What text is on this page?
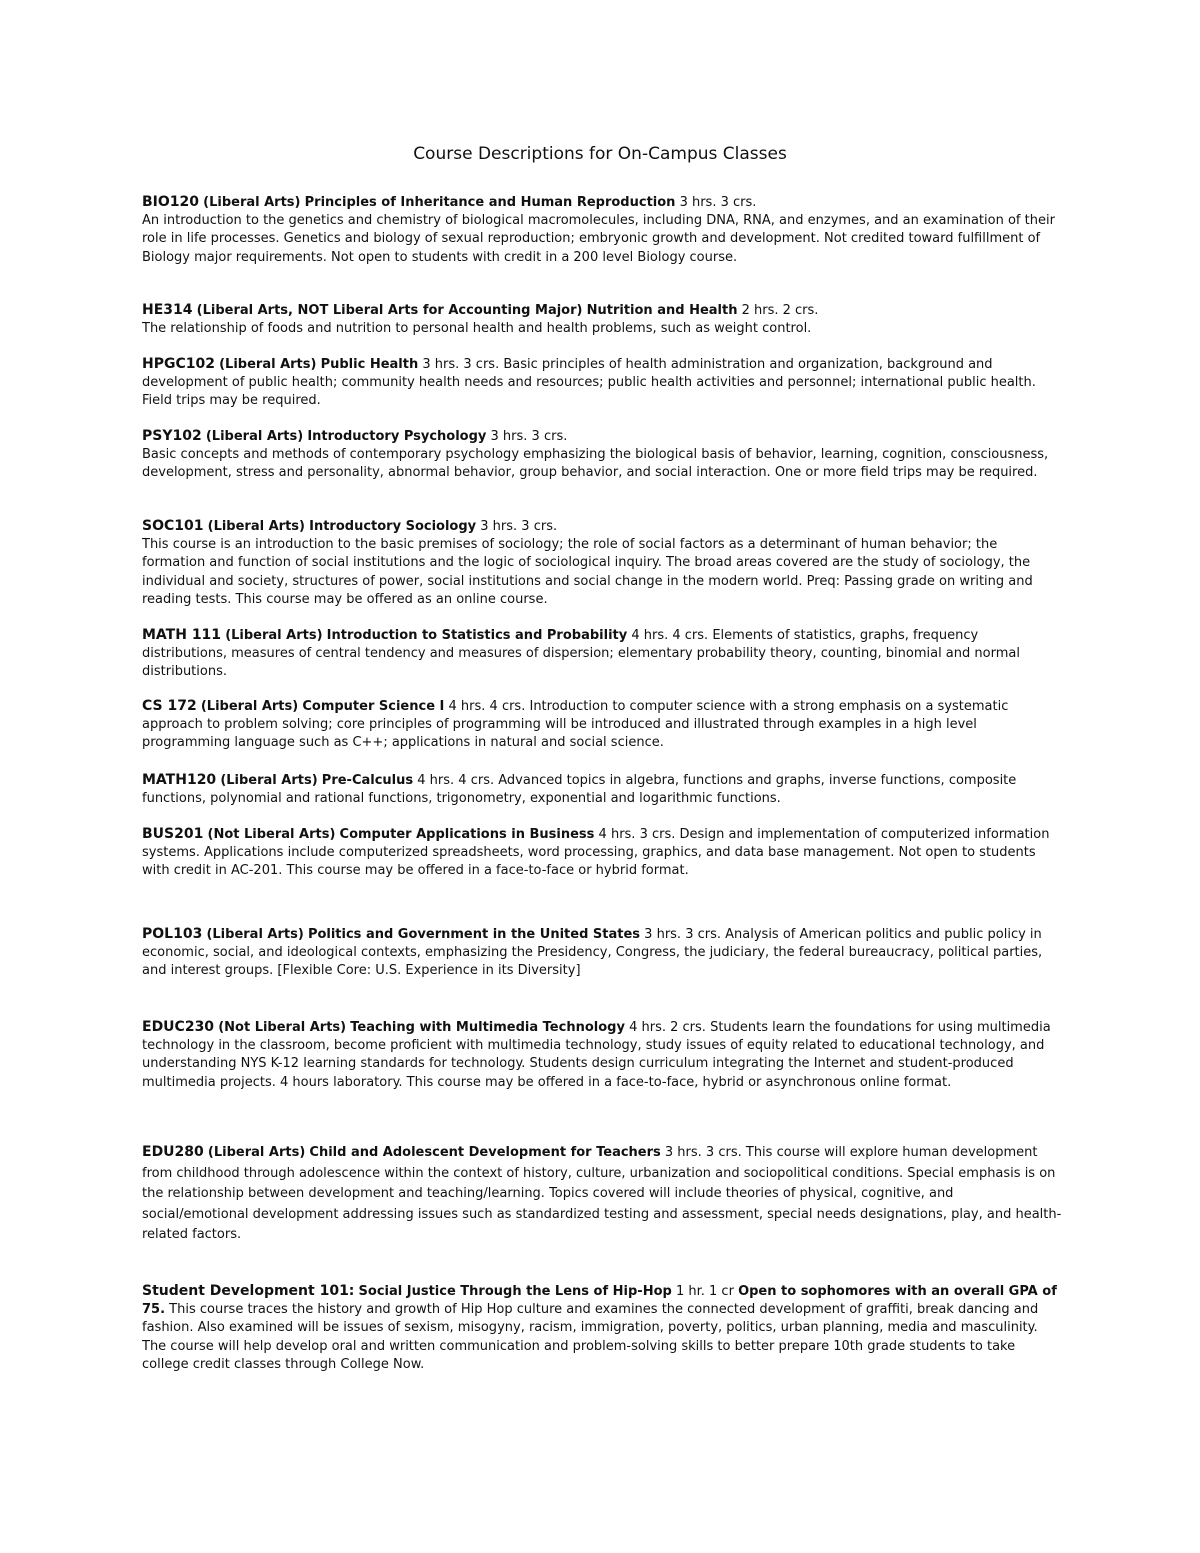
Course Descriptions for On-Campus Classes
BIO120 (Liberal Arts) Principles of Inheritance and Human Reproduction 3 hrs. 3 crs.
An introduction to the genetics and chemistry of biological macromolecules, including DNA, RNA, and enzymes, and an examination of their role in life processes. Genetics and biology of sexual reproduction; embryonic growth and development. Not credited toward fulfillment of Biology major requirements. Not open to students with credit in a 200 level Biology course.
HE314 (Liberal Arts, NOT Liberal Arts for Accounting Major) Nutrition and Health 2 hrs. 2 crs.
The relationship of foods and nutrition to personal health and health problems, such as weight control.
HPGC102 (Liberal Arts) Public Health 3 hrs. 3 crs. Basic principles of health administration and organization, background and development of public health; community health needs and resources; public health activities and personnel; international public health. Field trips may be required.
PSY102 (Liberal Arts) Introductory Psychology 3 hrs. 3 crs.
Basic concepts and methods of contemporary psychology emphasizing the biological basis of behavior, learning, cognition, consciousness, development, stress and personality, abnormal behavior, group behavior, and social interaction. One or more field trips may be required.
SOC101 (Liberal Arts) Introductory Sociology 3 hrs. 3 crs.
This course is an introduction to the basic premises of sociology; the role of social factors as a determinant of human behavior; the formation and function of social institutions and the logic of sociological inquiry. The broad areas covered are the study of sociology, the individual and society, structures of power, social institutions and social change in the modern world. Preq: Passing grade on writing and reading tests. This course may be offered as an online course.
MATH 111 (Liberal Arts) Introduction to Statistics and Probability 4 hrs. 4 crs. Elements of statistics, graphs, frequency distributions, measures of central tendency and measures of dispersion; elementary probability theory, counting, binomial and normal distributions.
CS 172 (Liberal Arts) Computer Science I 4 hrs. 4 crs. Introduction to computer science with a strong emphasis on a systematic approach to problem solving; core principles of programming will be introduced and illustrated through examples in a high level programming language such as C++; applications in natural and social science.
MATH120 (Liberal Arts) Pre-Calculus 4 hrs. 4 crs. Advanced topics in algebra, functions and graphs, inverse functions, composite functions, polynomial and rational functions, trigonometry, exponential and logarithmic functions.
BUS201 (Not Liberal Arts) Computer Applications in Business 4 hrs. 3 crs. Design and implementation of computerized information systems. Applications include computerized spreadsheets, word processing, graphics, and data base management. Not open to students with credit in AC-201. This course may be offered in a face-to-face or hybrid format.
POL103 (Liberal Arts) Politics and Government in the United States 3 hrs. 3 crs. Analysis of American politics and public policy in economic, social, and ideological contexts, emphasizing the Presidency, Congress, the judiciary, the federal bureaucracy, political parties, and interest groups. [Flexible Core: U.S. Experience in its Diversity]
EDUC230 (Not Liberal Arts) Teaching with Multimedia Technology 4 hrs. 2 crs. Students learn the foundations for using multimedia technology in the classroom, become proficient with multimedia technology, study issues of equity related to educational technology, and understanding NYS K-12 learning standards for technology. Students design curriculum integrating the Internet and student-produced multimedia projects. 4 hours laboratory. This course may be offered in a face-to-face, hybrid or asynchronous online format.
EDU280 (Liberal Arts) Child and Adolescent Development for Teachers 3 hrs. 3 crs. This course will explore human development from childhood through adolescence within the context of history, culture, urbanization and sociopolitical conditions. Special emphasis is on the relationship between development and teaching/learning. Topics covered will include theories of physical, cognitive, and social/emotional development addressing issues such as standardized testing and assessment, special needs designations, play, and health-related factors.
Student Development 101: Social Justice Through the Lens of Hip-Hop 1 hr. 1 cr Open to sophomores with an overall GPA of 75. This course traces the history and growth of Hip Hop culture and examines the connected development of graffiti, break dancing and fashion. Also examined will be issues of sexism, misogyny, racism, immigration, poverty, politics, urban planning, media and masculinity. The course will help develop oral and written communication and problem-solving skills to better prepare 10th grade students to take college credit classes through College Now.
